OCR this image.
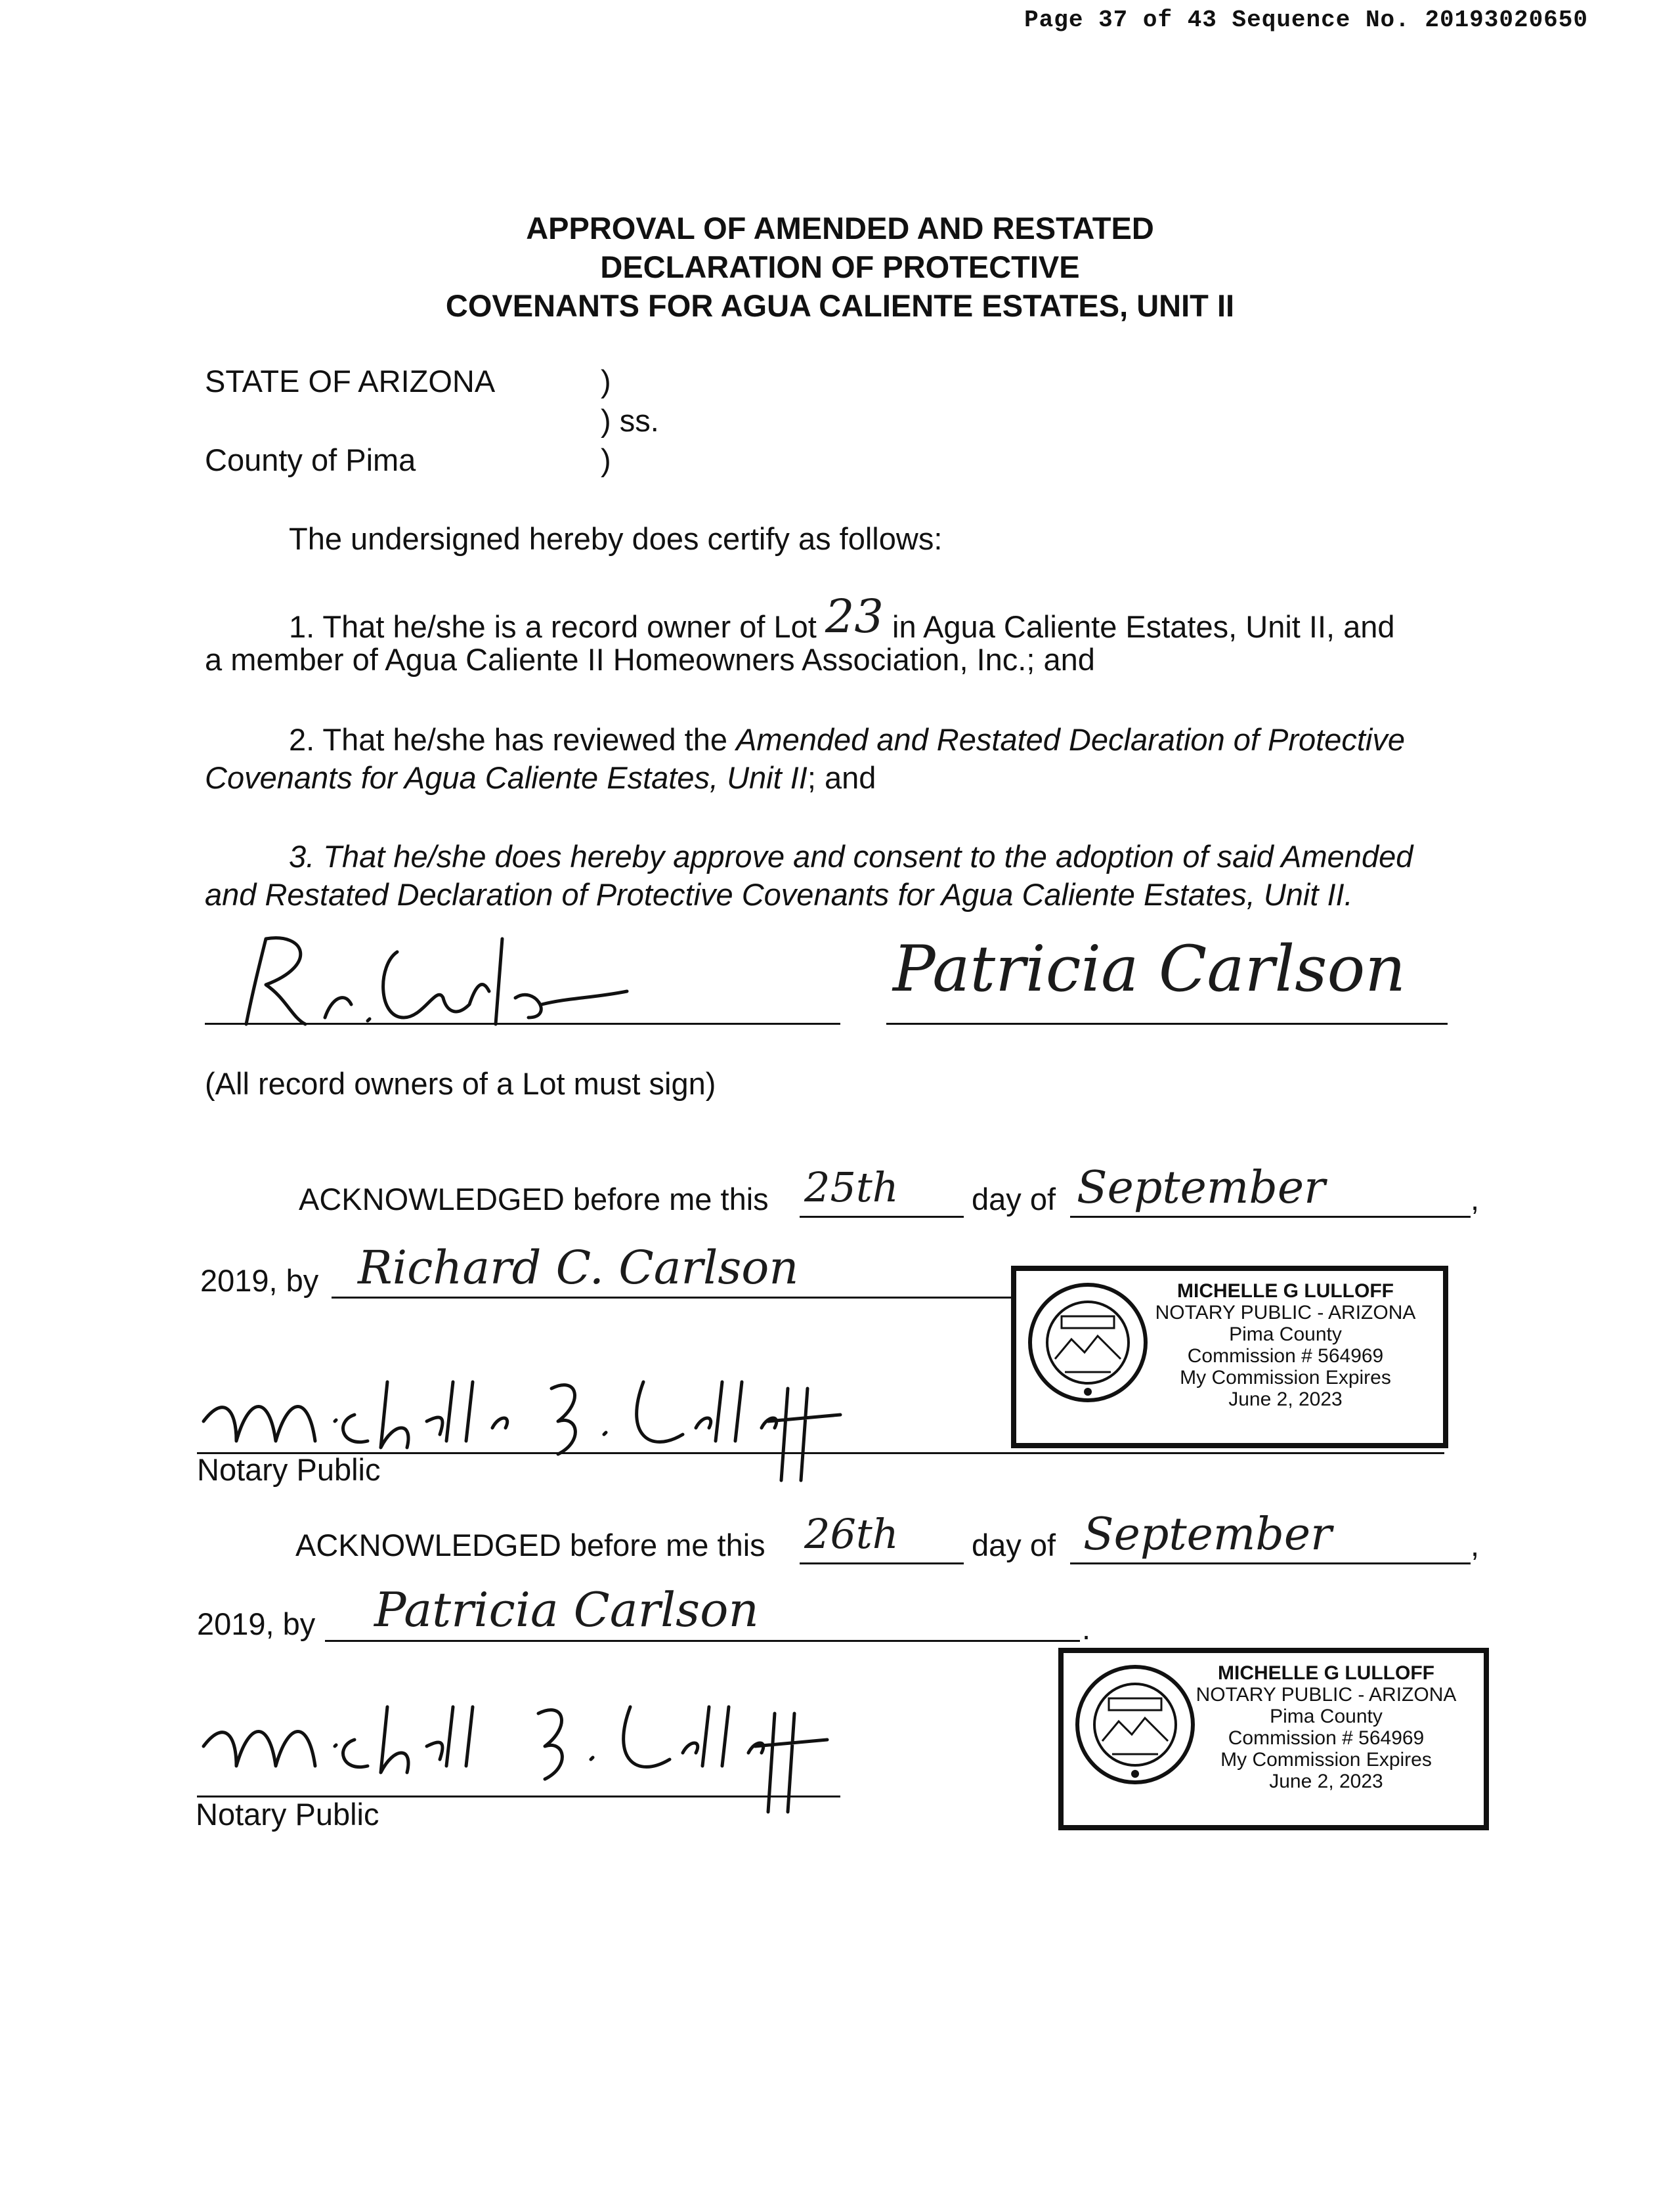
Page 37 of 43 Sequence No. 20193020650
APPROVAL OF AMENDED AND RESTATED
DECLARATION OF PROTECTIVE
COVENANTS FOR AGUA CALIENTE ESTATES, UNIT II
STATE OF ARIZONA	)
) ss.
County of Pima	)
The undersigned hereby does certify as follows:
1. That he/she is a record owner of Lot 23 in Agua Caliente Estates, Unit II, and
a member of Agua Caliente II Homeowners Association, Inc.; and
2. That he/she has reviewed the Amended and Restated Declaration of Protective
Covenants for Agua Caliente Estates, Unit II; and
3. That he/she does hereby approve and consent to the adoption of said Amended
and Restated Declaration of Protective Covenants for Agua Caliente Estates, Unit II.
Patricia Carlson
(All record owners of a Lot must sign)
ACKNOWLEDGED before me this 25th day of September	,
2019, by Richard C. Carlson
Notary Public
MICHELLE G LULLOFF
NOTARY PUBLIC - ARIZONA
Pima County
Commission # 564969
My Commission Expires
June 2, 2023
ACKNOWLEDGED before me this 26th day of September	,
2019, by Patricia Carlson	.
Notary Public
MICHELLE G LULLOFF
NOTARY PUBLIC - ARIZONA
Pima County
Commission # 564969
My Commission Expires
June 2, 2023
